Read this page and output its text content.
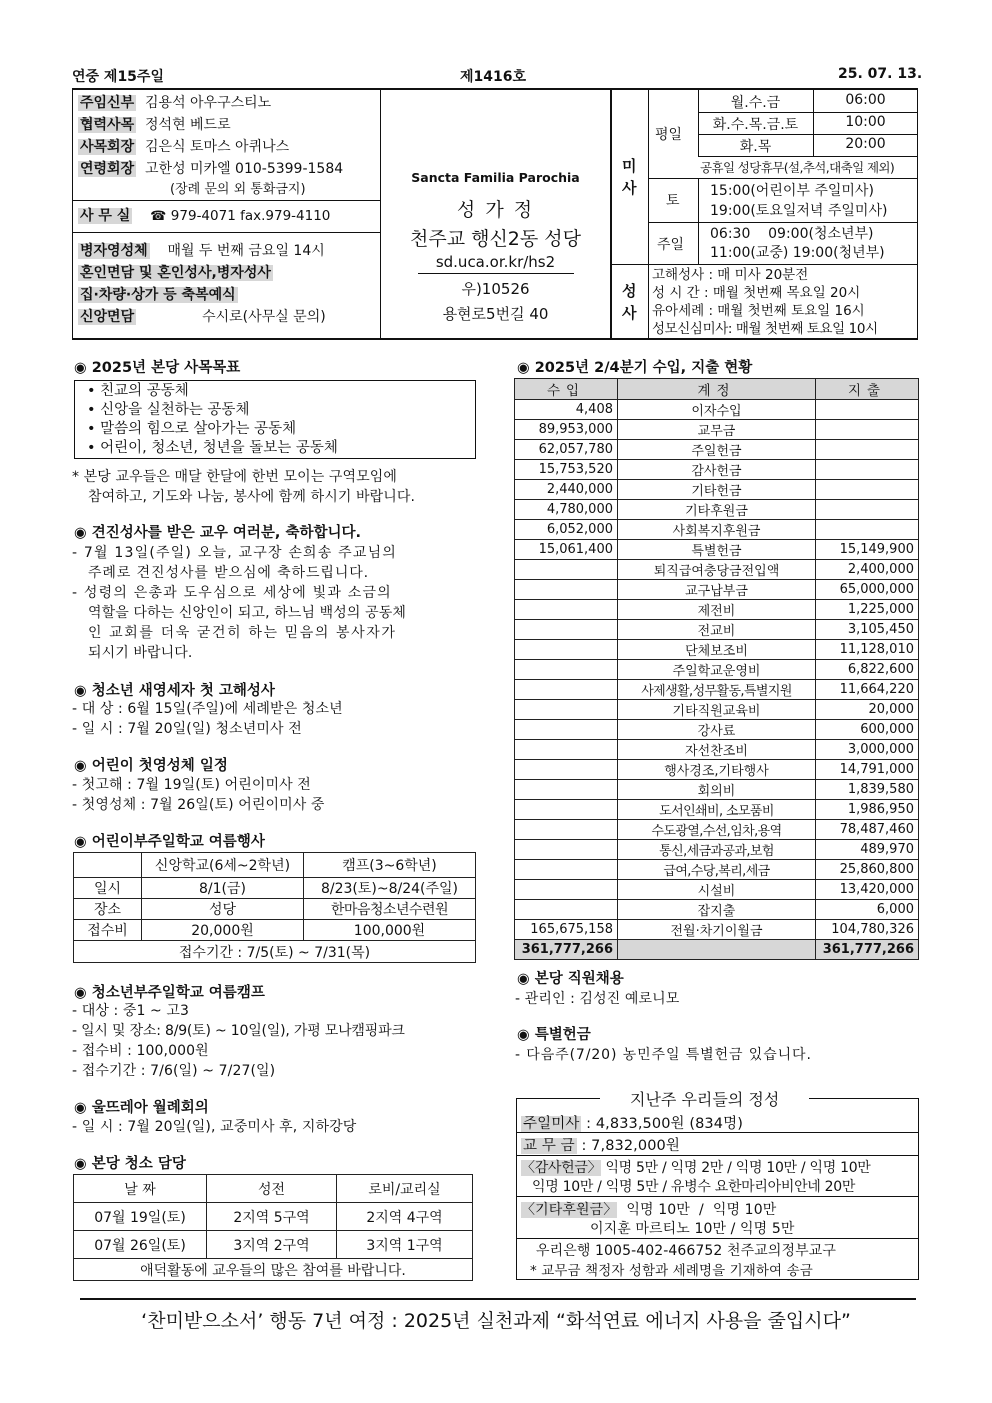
연중 제15주일	제1416호	25. 07. 13.
주임신부 김용석 아우구스티노
협력사목 정석현 베드로
사목회장 김은식 토마스 아퀴나스
연령회장 고한성 미카엘 010-5399-1584
(장례 문의 외 통화금지)
사 무 실 ☎ 979-4071 fax.979-4110
병자영성체 매월 두 번째 금요일 14시
혼인면담 및 혼인성사,병자성사
집·차량·상가 등 축복예식
신앙면담	수시로(사무실 문의)
Sancta Familia Parochia
성 가 정
천주교 행신2동 성당
sd.uca.or.kr/hs2
우)10526
용현로5번길 40
미사
성사
평일
월.수.금	06:00
화.수.목.금.토	10:00
화.목	20:00
공휴일 성당휴무(설,추석,대축일 제외)
토
15:00(어린이부 주일미사)
19:00(토요일저녁 주일미사)
주일
06:30    09:00(청소년부)
11:00(교중) 19:00(청년부)
고해성사 : 매 미사 20분전
성 시 간 : 매월 첫번째 목요일 20시
유아세례 : 매월 첫번째 토요일 16시
성모신심미사: 매월 첫번째 토요일 10시
◉ 2025년 본당 사목목표
• 친교의 공동체
• 신앙을 실천하는 공동체
• 말씀의 힘으로 살아가는 공동체
• 어린이, 청소년, 청년을 돌보는 공동체
* 본당 교우들은 매달 한달에 한번 모이는 구역모임에
참여하고, 기도와 나눔, 봉사에 함께 하시기 바랍니다.
◉ 견진성사를 받은 교우 여러분, 축하합니다.
- 7월 13일(주일) 오늘, 교구장 손희송 주교님의
주례로 견진성사를 받으심에 축하드립니다.
- 성령의 은총과 도우심으로 세상에 빛과 소금의
역할을 다하는 신앙인이 되고, 하느님 백성의 공동체
인 교회를 더욱 굳건히 하는 믿음의 봉사자가
되시기 바랍니다.
◉ 청소년 새영세자 첫 고해성사
- 대 상 : 6월 15일(주일)에 세례받은 청소년
- 일 시 : 7월 20일(일) 청소년미사 전
◉ 어린이 첫영성체 일정
- 첫고해 : 7월 19일(토) 어린이미사 전
- 첫영성체 : 7월 26일(토) 어린이미사 중
◉ 어린이부주일학교 여름행사
	신앙학교(6세~2학년)	캠프(3~6학년)
일시	8/1(금)	8/23(토)~8/24(주일)
장소	성당	한마음청소년수련원
접수비	20,000원	100,000원
접수기간 : 7/5(토) ~ 7/31(목)		
◉ 청소년부주일학교 여름캠프
- 대상 : 중1 ~ 고3
- 일시 및 장소: 8/9(토) ~ 10일(일), 가평 모나캠핑파크
- 접수비 : 100,000원
- 접수기간 : 7/6(일) ~ 7/27(일)
◉ 울뜨레아 월례회의
- 일 시 : 7월 20일(일), 교중미사 후, 지하강당
◉ 본당 청소 담당
날 짜	성전	로비/교리실
07월 19일(토)	2지역 5구역	2지역 4구역
07월 26일(토)	3지역 2구역	3지역 1구역
애덕활동에 교우들의 많은 참여를 바랍니다.		
◉ 2025년 2/4분기 수입, 지출 현황
수입	계정	지출
4,408	이자수입	
89,953,000	교무금	
62,057,780	주일헌금	
15,753,520	감사헌금	
2,440,000	기타헌금	
4,780,000	기타후원금	
6,052,000	사회복지후원금	
15,061,400	특별헌금	15,149,900
	퇴직급여충당금전입액	2,400,000
	교구납부금	65,000,000
	제전비	1,225,000
	전교비	3,105,450
	단체보조비	11,128,010
	주일학교운영비	6,822,600
	사제생활,성무활동,특별지원	11,664,220
	기타직원교육비	20,000
	강사료	600,000
	자선찬조비	3,000,000
	행사경조,기타행사	14,791,000
	회의비	1,839,580
	도서인쇄비, 소모품비	1,986,950
	수도광열,수선,임차,용역	78,487,460
	통신,세금과공과,보험	489,970
	급여,수당,복리,세금	25,860,800
	시설비	13,420,000
	잡지출	6,000
165,675,158	전월·차기이월금	104,780,326
361,777,266		361,777,266
◉ 본당 직원채용
- 관리인 : 김성진 예로니모
◉ 특별헌금
- 다음주(7/20) 농민주일 특별헌금 있습니다.
지난주 우리들의 정성
주일미사 : 4,833,500원 (834명)
교 무 금 : 7,832,000원
〈감사헌금〉 익명 5만 / 익명 2만 / 익명 10만 / 익명 10만
익명 10만 / 익명 5만 / 유병수 요한마리아비안네 20만
〈기타후원금〉  익명 10만  /  익명 10만
이지훈 마르티노 10만 / 익명 5만
우리은행 1005-402-466752 천주교의정부교구
* 교무금 책정자 성함과 세례명을 기재하여 송금
‘찬미받으소서’ 행동 7년 여정 : 2025년 실천과제 “화석연료 에너지 사용을 줄입시다”
